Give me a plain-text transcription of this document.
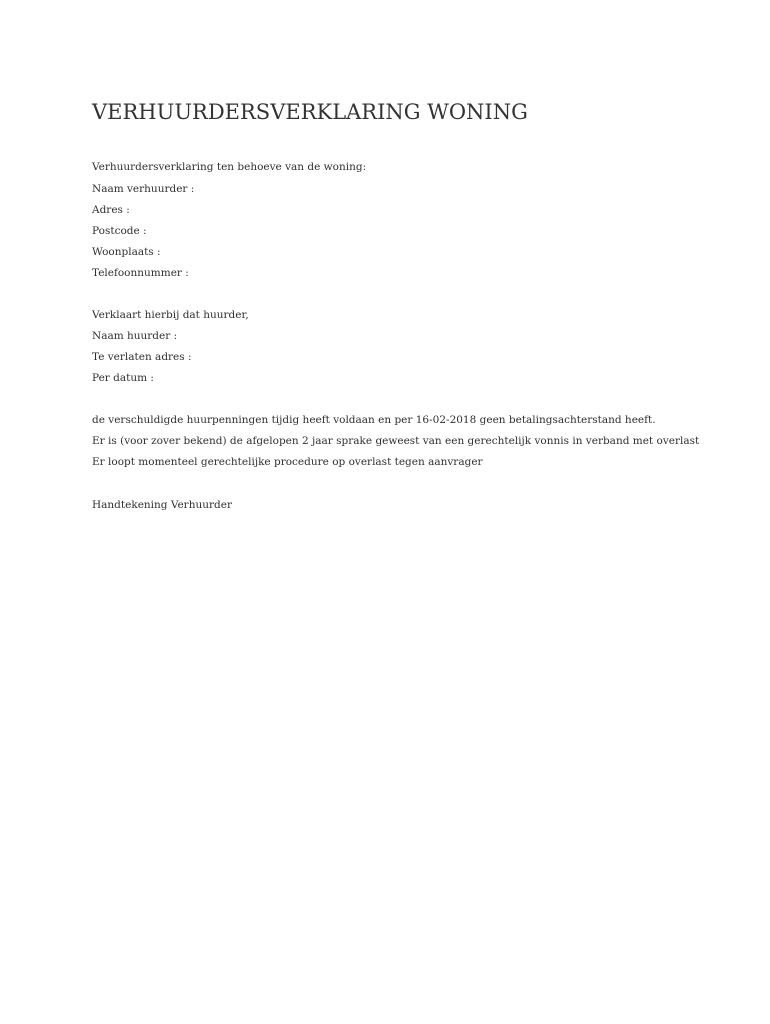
VERHUURDERSVERKLARING WONING

Verhuurdersverklaring ten behoeve van de woning:

Naam verhuurder :

Adres :

Postcode :

Woonplaats :

Telefoonnummer :

Verklaart hierbij dat huurder,

Naam huurder :

Te verlaten adres :

Per datum :

de verschuldigde huurpenningen tijdig heeft voldaan en per 16-02-2018 geen betalingsachterstand heeft.

Er is (voor zover bekend) de afgelopen 2 jaar sprake geweest van een gerechtelijk vonnis in verband met overlast

Er loopt momenteel gerechtelijke procedure op overlast tegen aanvrager

Handtekening Verhuurder
